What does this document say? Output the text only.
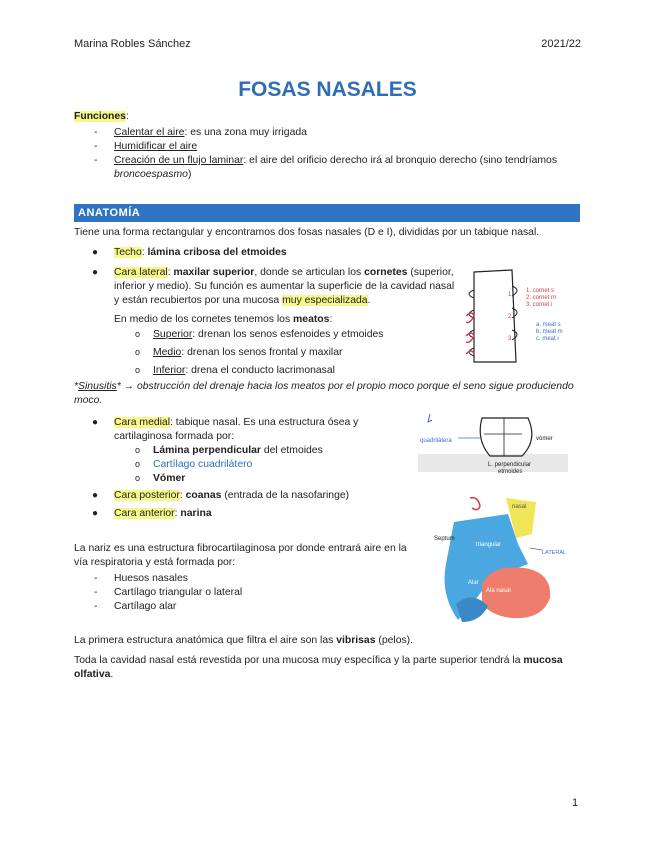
Marina Robles Sánchez	2021/22
FOSAS NASALES
Funciones:
- Calentar el aire: es una zona muy irrigada
- Humidificar el aire
- Creación de un flujo laminar: el aire del orificio derecho irá al bronquio derecho (sino tendríamos
broncoespasmo)
ANATOMÍA
Tiene una forma rectangular y encontramos dos fosas nasales (D e I), divididas por un tabique nasal.
● Techo: lámina cribosa del etmoides
● Cara lateral: maxilar superior, donde se articulan los cornetes (superior,
inferior y medio). Su función es aumentar la superficie de la cavidad nasal
y están recubiertos por una mucosa muy especializada.
En medio de los cornetes tenemos los meatos:
o Superior: drenan los senos esfenoides y etmoides
o Medio: drenan los senos frontal y maxilar
o Inferior: drena el conducto lacrimonasal
*Sinusitis* → obstrucción del drenaje hacia los meatos por el propio moco porque el seno sigue produciendo
moco.
● Cara medial: tabique nasal. Es una estructura ósea y
cartilaginosa formada por:
o Lámina perpendicular del etmoides
o Cartílago cuadrilátero
o Vómer
● Cara posterior: coanas (entrada de la nasofaringe)
● Cara anterior: narina
La nariz es una estructura fibrocartilaginosa por donde entrará aire en la
vía respiratoria y está formada por:
- Huesos nasales
- Cartílago triangular o lateral
- Cartílago alar
La primera estructura anatómica que filtra el aire son las vibrisas (pelos).
Toda la cavidad nasal está revestida por una mucosa muy específica y la parte superior tendrá la mucosa
olfativa.
1
1
2
3
1. cornet s
2. cornet m
3. cornet i
a. meat s
b. meat m
c. meat i
quadrilàtera	vòmer
L. perpendicular
etmoides
Septum
triangular
LATERAL
Alar
nasal
Ala nasal
